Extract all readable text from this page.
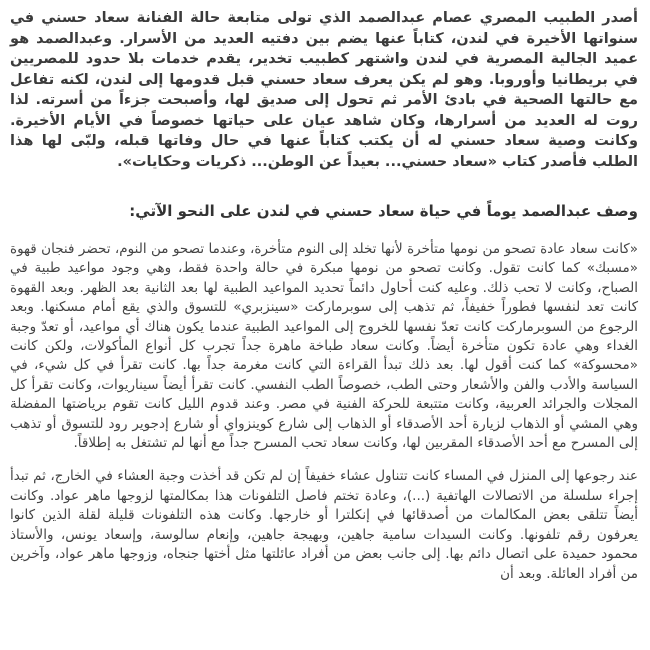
أصدر الطبيب المصري عصام عبدالصمد الذي تولى متابعة حالة الفنانة سعاد حسني في سنواتها الأخيرة في لندن، كتاباً عنها يضم بين دفتيه العديد من الأسرار. وعبدالصمد هو عميد الجالية المصرية في لندن واشتهر كطبيب تخدير، يقدم خدمات بلا حدود للمصريين في بريطانيا وأوروبا. وهو لم يكن يعرف سعاد حسني قبل قدومها إلى لندن، لكنه تفاعل مع حالتها الصحية في بادئ الأمر ثم تحول إلى صديق لها، وأصبحت جزءاً من أسرته. لذا روت له العديد من أسرارها، وكان شاهد عيان على حياتها خصوصاً في الأيام الأخيرة. وكانت وصية سعاد حسني له أن يكتب كتاباً عنها في حال وفاتها قبله، ولبّى لها هذا الطلب فأصدر كتاب «سعاد حسني... بعيداً عن الوطن... ذكريات وحكايات».

وصف عبدالصمد يوماً في حياة سعاد حسني في لندن على النحو الآتي:

«كانت سعاد عادة تصحو من نومها متأخرة لأنها تخلد إلى النوم متأخرة، وعندما تصحو من النوم، تحضر فنجان قهوة «مسبك» كما كانت تقول. وكانت تصحو من نومها مبكرة في حالة واحدة فقط، وهي وجود مواعيد طبية في الصباح، وكانت لا تحب ذلك. وعليه كنت أحاول دائماً تحديد المواعيد الطبية لها بعد الثانية بعد الظهر. وبعد القهوة كانت تعد لنفسها فطوراً خفيفاً، ثم تذهب إلى سوبرماركت «سينزبري» للتسوق والذي يقع أمام مسكنها. وبعد الرجوع من السوبرماركت كانت تعدّ نفسها للخروج إلى المواعيد الطبية عندما يكون هناك أي مواعيد، أو تعدّ وجبة الغداء وهي عادة تكون متأخرة أيضاً. وكانت سعاد طباخة ماهرة جداً تجرب كل أنواع المأكولات، ولكن كانت «محسوكة» كما كنت أقول لها. بعد ذلك تبدأ القراءة التي كانت مغرمة جداً بها. كانت تقرأ في كل شيء، في السياسة والأدب والفن والأشعار وحتى الطب، خصوصاً الطب النفسي. كانت تقرأ أيضاً سيناريوات، وكانت تقرأ كل المجلات والجرائد العربية، وكانت متتبعة للحركة الفنية في مصر. وعند قدوم الليل كانت تقوم برياضتها المفضلة وهي المشي أو الذهاب لزيارة أحد الأصدقاء أو الذهاب إلى شارع كوينزواي أو شارع إدجوير رود للتسوق أو تذهب إلى المسرح مع أحد الأصدقاء المقربين لها، وكانت سعاد تحب المسرح جداً مع أنها لم تشتغل به إطلاقاً.

عند رجوعها إلى المنزل في المساء كانت تتناول عشاء خفيفاً إن لم تكن قد أخذت وجبة العشاء في الخارج، ثم تبدأ إجراء سلسلة من الاتصالات الهاتفية (...)، وعادة تختم فاصل التلفونات هذا بمكالمتها لزوجها ماهر عواد. وكانت أيضاً تتلقى بعض المكالمات من أصدقائها في إنكلترا أو خارجها. وكانت هذه التلفونات قليلة لقلة الذين كانوا يعرفون رقم تلفونها. وكانت السيدات سامية جاهين، وبهيجة جاهين، وإنعام سالوسة، وإسعاد يونس، والأستاذ محمود حميدة على اتصال دائم بها. إلى جانب بعض من أفراد عائلتها مثل أختها جنجاه، وزوجها ماهر عواد، وآخرين من أفراد العائلة. وبعد أن
